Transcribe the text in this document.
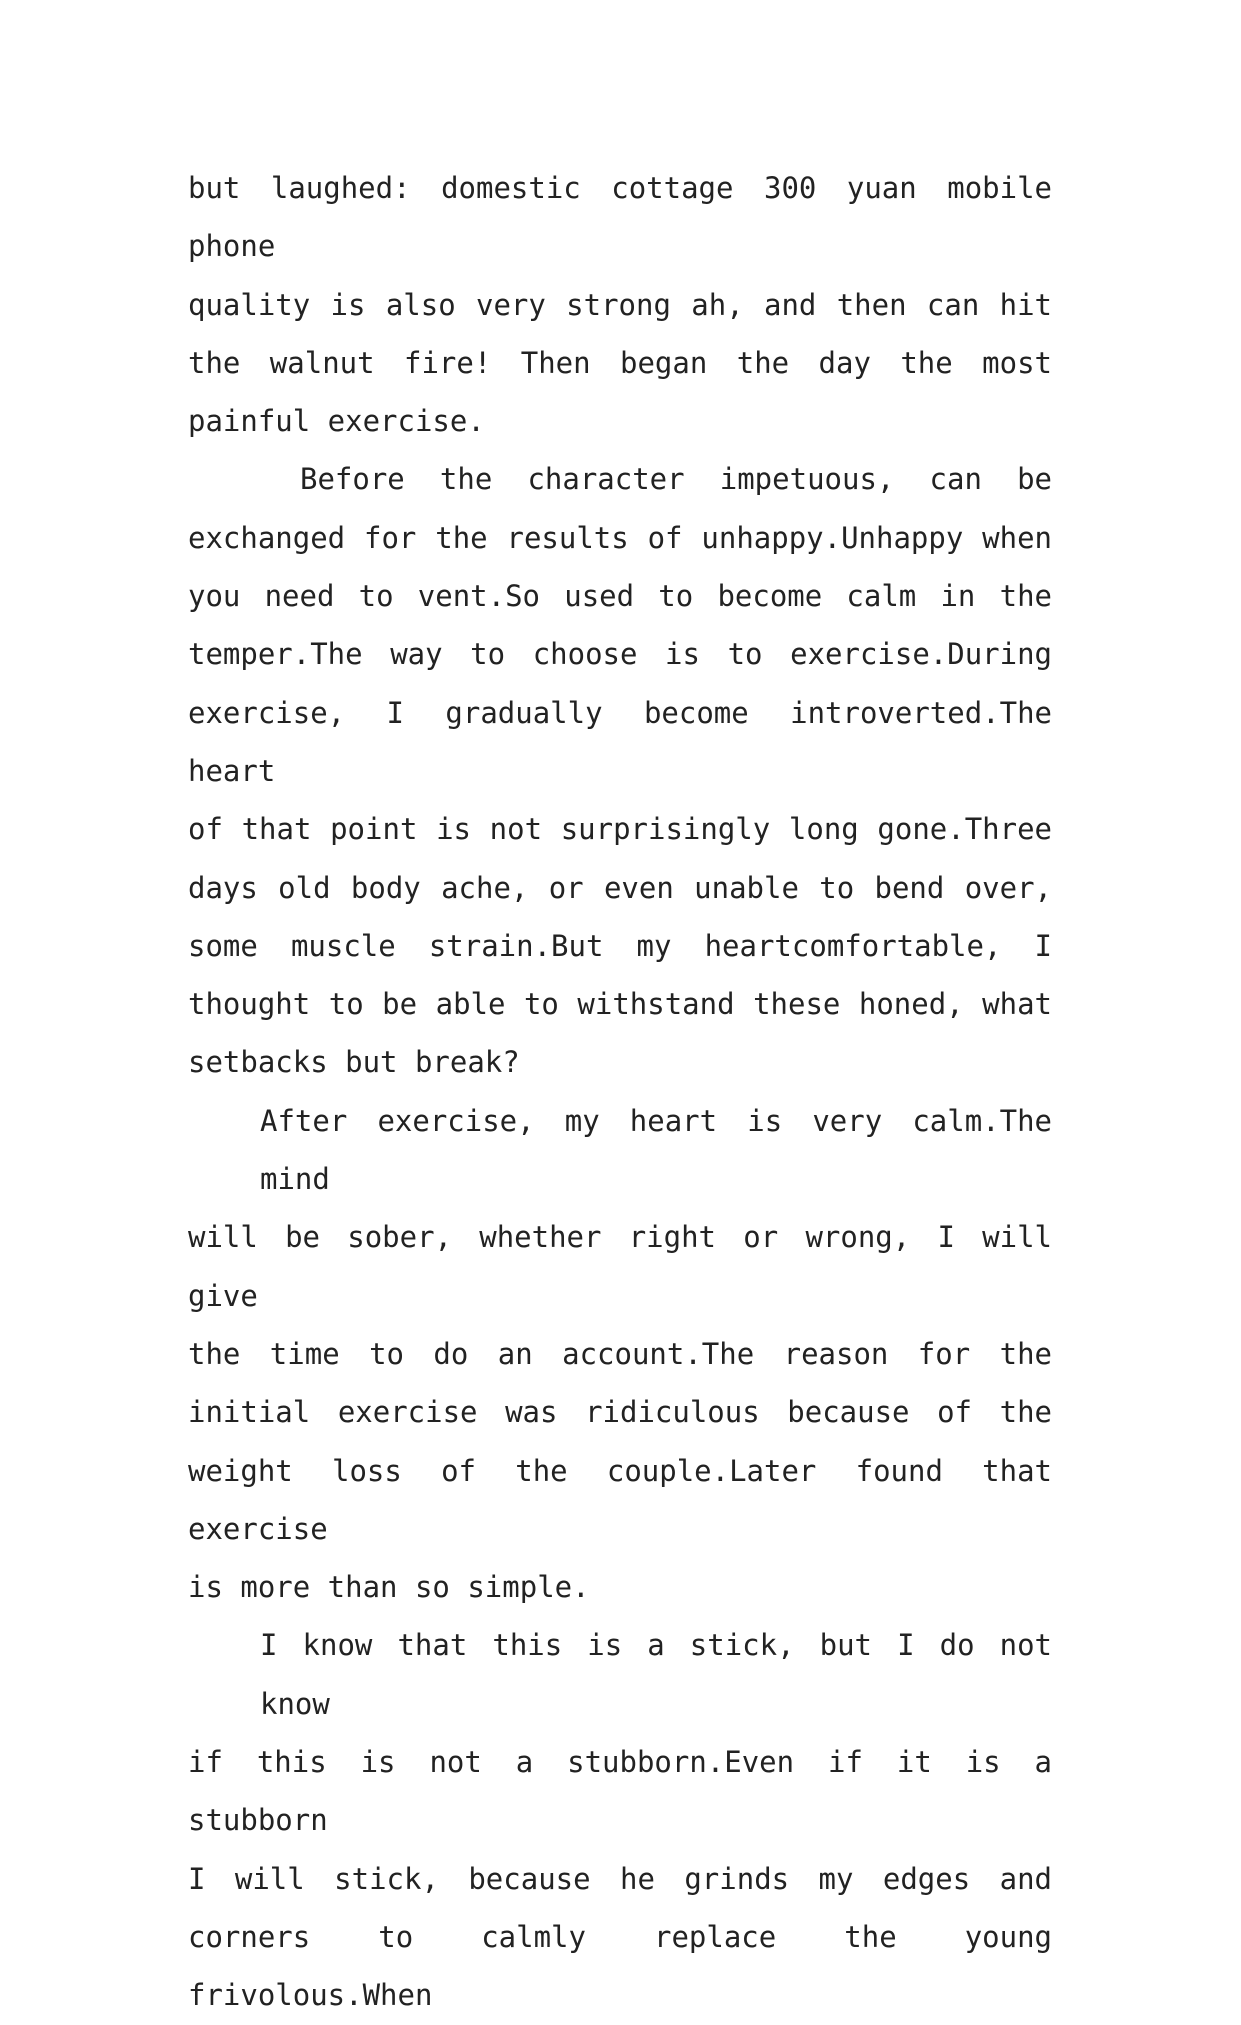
but laughed: domestic cottage 300 yuan mobile phone
quality is also very strong ah, and then can hit
the walnut fire! Then began the day the most
painful exercise.
Before the character impetuous, can be
exchanged for the results of unhappy.Unhappy when
you need to vent.So used to become calm in the
temper.The way to choose is to exercise.During
exercise, I gradually become introverted.The heart
of that point is not surprisingly long gone.Three
days old body ache, or even unable to bend over,
some muscle strain.But my heartcomfortable, I
thought to be able to withstand these honed, what
setbacks but break?
After exercise, my heart is very calm.The mind
will be sober, whether right or wrong, I will give
the time to do an account.The reason for the
initial exercise was ridiculous because of the
weight loss of the couple.Later found that exercise
is more than so simple.
I know that this is a stick, but I do not know
if this is not a stubborn.Even if it is a stubborn
I will stick, because he grinds my edges and
corners to calmly replace the young frivolous.When
